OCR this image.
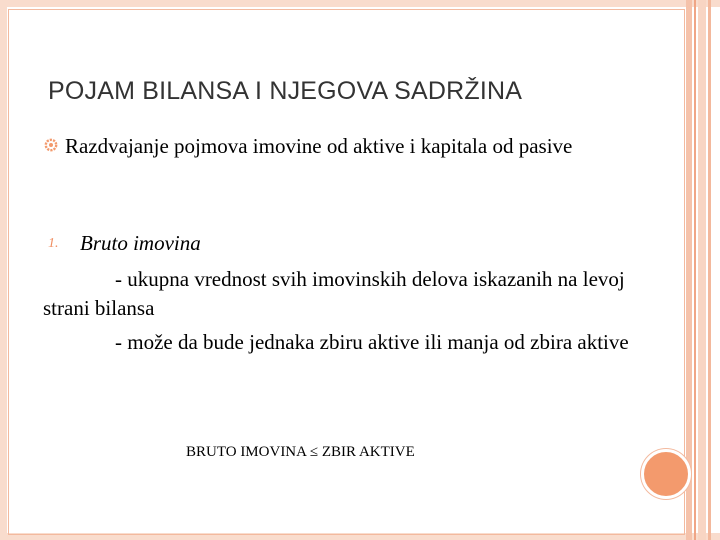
POJAM BILANSA I NJEGOVA SADRŽINA
Razdvajanje pojmova imovine od aktive i kapitala od pasive
1. Bruto imovina
- ukupna vrednost svih imovinskih delova iskazanih na levoj strani bilansa
- može da bude jednaka zbiru aktive ili manja od zbira aktive
BRUTO IMOVINA ≤ ZBIR AKTIVE
